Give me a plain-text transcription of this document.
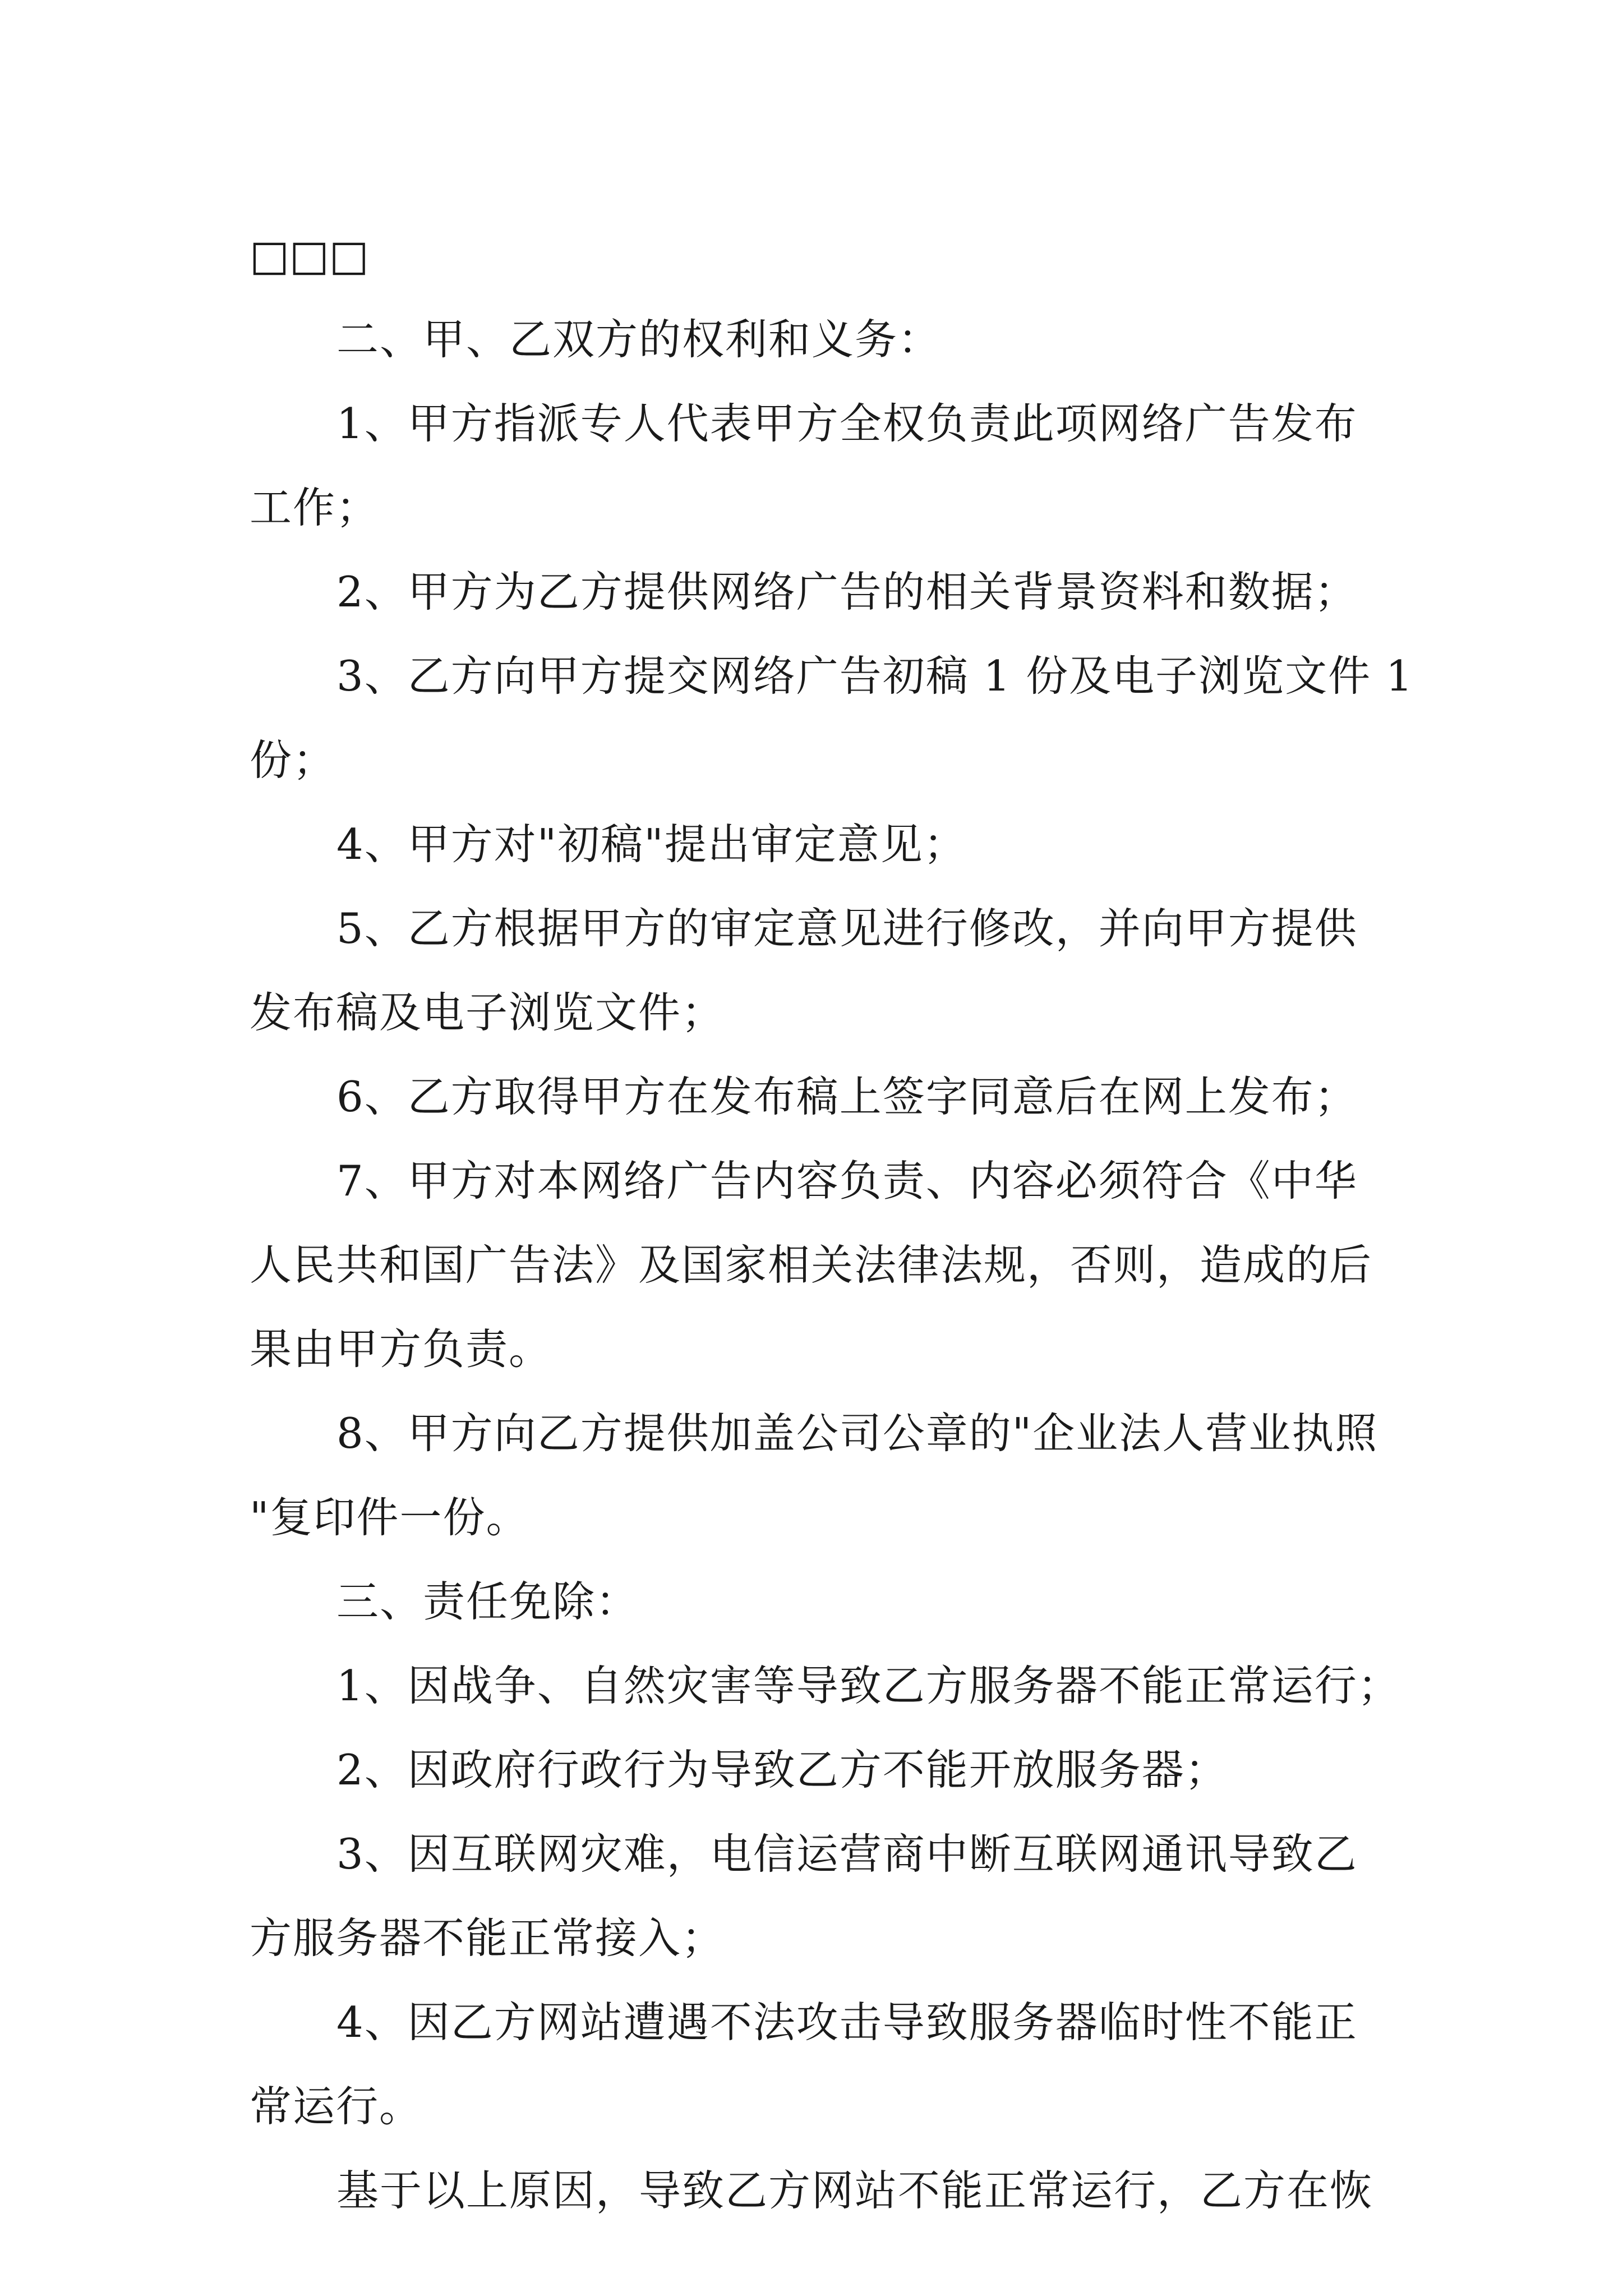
□□□
二、甲、乙双方的权利和义务：
1、甲方指派专人代表甲方全权负责此项网络广告发布
工作；
2、甲方为乙方提供网络广告的相关背景资料和数据；
3、乙方向甲方提交网络广告初稿 1 份及电子浏览文件 1
份；
4、甲方对"初稿"提出审定意见；
5、乙方根据甲方的审定意见进行修改，并向甲方提供
发布稿及电子浏览文件；
6、乙方取得甲方在发布稿上签字同意后在网上发布；
7、甲方对本网络广告内容负责、内容必须符合《中华
人民共和国广告法》及国家相关法律法规，否则，造成的后
果由甲方负责。
8、甲方向乙方提供加盖公司公章的"企业法人营业执照
"复印件一份。
三、责任免除：
1、因战争、自然灾害等导致乙方服务器不能正常运行；
2、因政府行政行为导致乙方不能开放服务器；
3、因互联网灾难，电信运营商中断互联网通讯导致乙
方服务器不能正常接入；
4、因乙方网站遭遇不法攻击导致服务器临时性不能正
常运行。
基于以上原因，导致乙方网站不能正常运行，乙方在恢
